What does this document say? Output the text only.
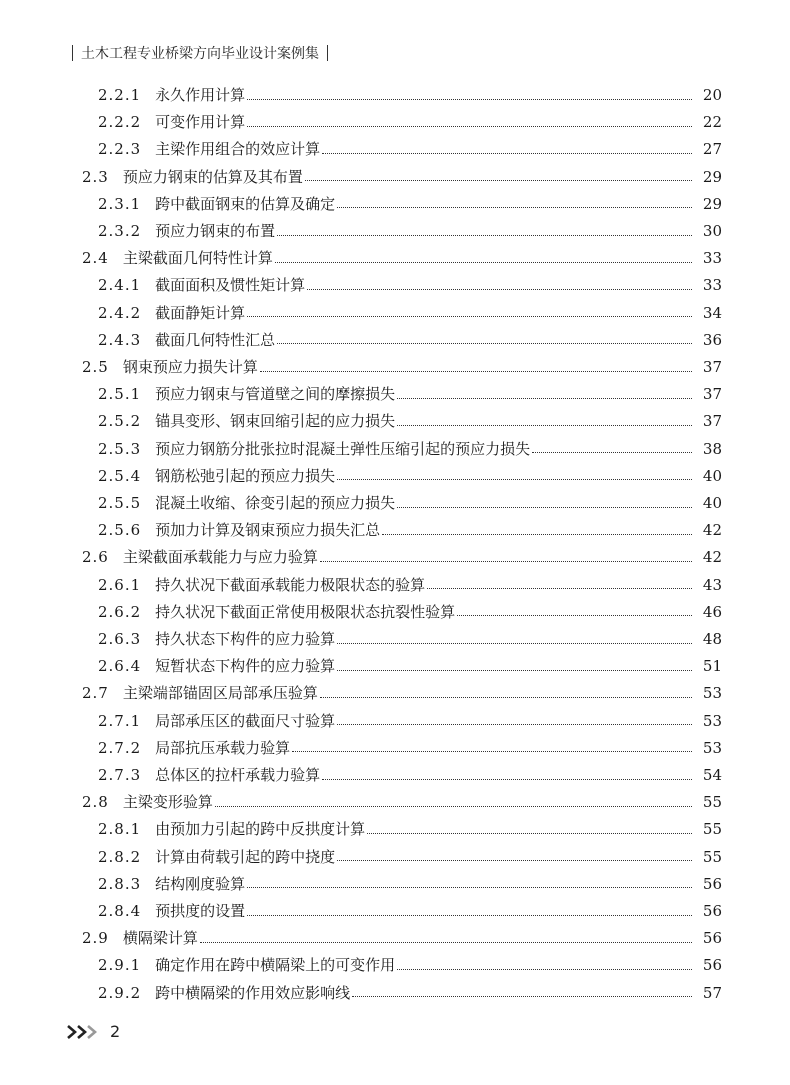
土木工程专业桥梁方向毕业设计案例集
2.2.1 永久作用计算	20
2.2.2 可变作用计算	22
2.2.3 主梁作用组合的效应计算	27
2.3 预应力钢束的估算及其布置	29
2.3.1 跨中截面钢束的估算及确定	29
2.3.2 预应力钢束的布置	30
2.4 主梁截面几何特性计算	33
2.4.1 截面面积及惯性矩计算	33
2.4.2 截面静矩计算	34
2.4.3 截面几何特性汇总	36
2.5 钢束预应力损失计算	37
2.5.1 预应力钢束与管道壁之间的摩擦损失	37
2.5.2 锚具变形、钢束回缩引起的应力损失	37
2.5.3 预应力钢筋分批张拉时混凝土弹性压缩引起的预应力损失	38
2.5.4 钢筋松弛引起的预应力损失	40
2.5.5 混凝土收缩、徐变引起的预应力损失	40
2.5.6 预加力计算及钢束预应力损失汇总	42
2.6 主梁截面承载能力与应力验算	42
2.6.1 持久状况下截面承载能力极限状态的验算	43
2.6.2 持久状况下截面正常使用极限状态抗裂性验算	46
2.6.3 持久状态下构件的应力验算	48
2.6.4 短暂状态下构件的应力验算	51
2.7 主梁端部锚固区局部承压验算	53
2.7.1 局部承压区的截面尺寸验算	53
2.7.2 局部抗压承载力验算	53
2.7.3 总体区的拉杆承载力验算	54
2.8 主梁变形验算	55
2.8.1 由预加力引起的跨中反拱度计算	55
2.8.2 计算由荷载引起的跨中挠度	55
2.8.3 结构刚度验算	56
2.8.4 预拱度的设置	56
2.9 横隔梁计算	56
2.9.1 确定作用在跨中横隔梁上的可变作用	56
2.9.2 跨中横隔梁的作用效应影响线	57
2
